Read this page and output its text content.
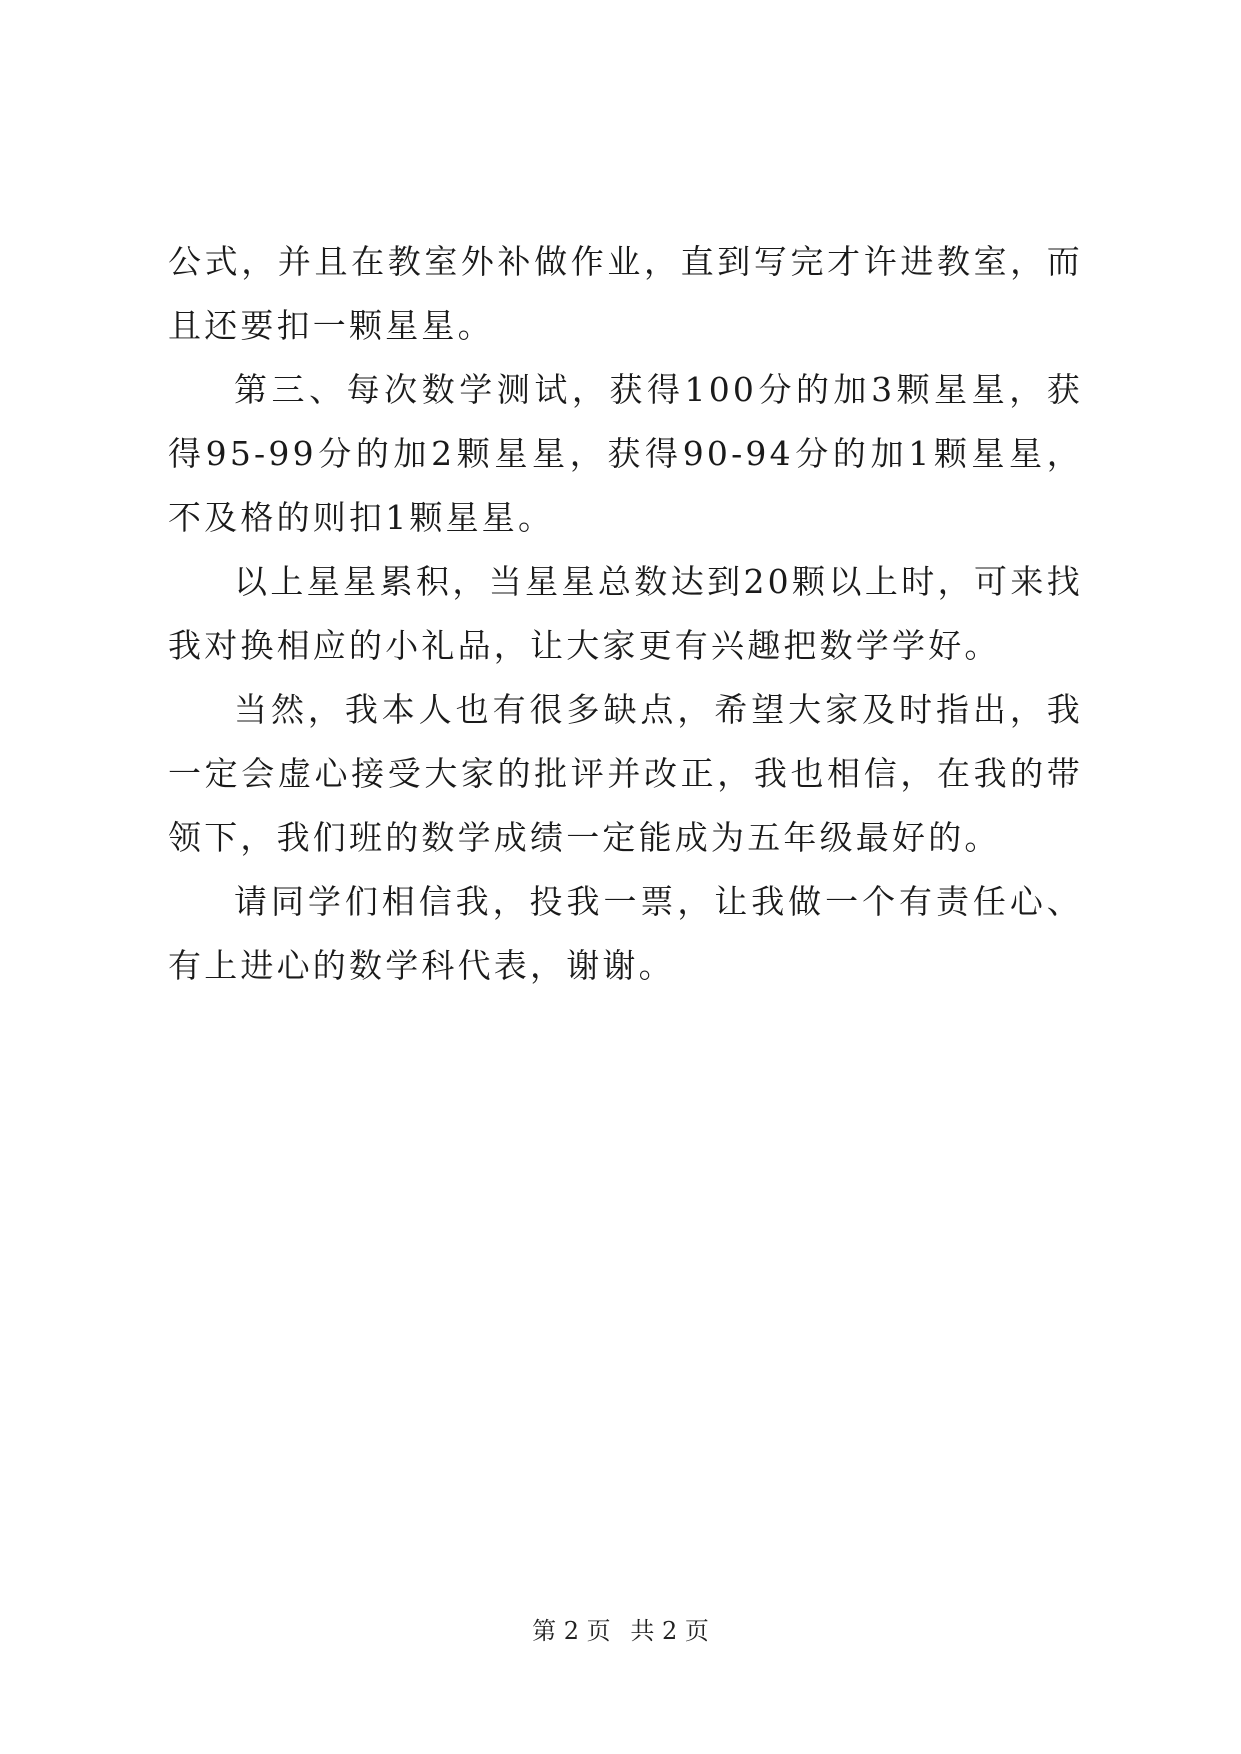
公式，并且在教室外补做作业，直到写完才许进教室，而且还要扣一颗星星。

第三、每次数学测试，获得100分的加3颗星星，获得95-99分的加2颗星星，获得90-94分的加1颗星星，不及格的则扣1颗星星。

以上星星累积，当星星总数达到20颗以上时，可来找我对换相应的小礼品，让大家更有兴趣把数学学好。

当然，我本人也有很多缺点，希望大家及时指出，我一定会虚心接受大家的批评并改正，我也相信，在我的带领下，我们班的数学成绩一定能成为五年级最好的。

请同学们相信我，投我一票，让我做一个有责任心、有上进心的数学科代表，谢谢。

第 2 页 共 2 页
